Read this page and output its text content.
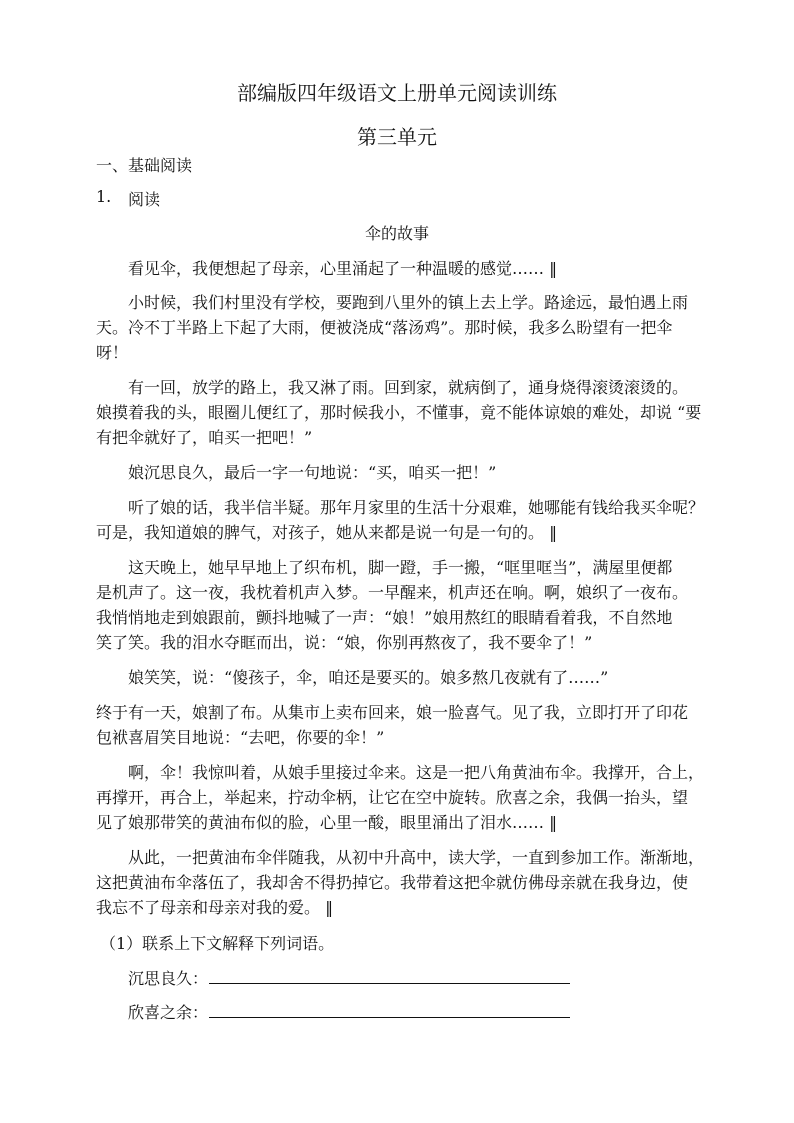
部编版四年级语文上册单元阅读训练
第三单元
一、基础阅读
1. 阅读
伞的故事
看见伞，我便想起了母亲，心里涌起了一种温暖的感觉…… ‖
小时候，我们村里没有学校，要跑到八里外的镇上去上学。路途远，最怕遇上雨
天。冷不丁半路上下起了大雨，便被浇成“落汤鸡”。那时候，我多么盼望有一把伞
呀！
有一回，放学的路上，我又淋了雨。回到家，就病倒了，通身烧得滚烫滚烫的。
娘摸着我的头，眼圈儿便红了，那时候我小，不懂事，竟不能体谅娘的难处，却说 “要
有把伞就好了，咱买一把吧！”
娘沉思良久，最后一字一句地说：“买，咱买一把！”
听了娘的话，我半信半疑。那年月家里的生活十分艰难，她哪能有钱给我买伞呢？
可是，我知道娘的脾气，对孩子，她从来都是说一句是一句的。 ‖
这天晚上，她早早地上了织布机，脚一蹬，手一搬，“哐里哐当”，满屋里便都
是机声了。这一夜，我枕着机声入梦。一早醒来，机声还在响。啊，娘织了一夜布。
我悄悄地走到娘跟前，颤抖地喊了一声：“娘！”娘用熬红的眼睛看着我，不自然地
笑了笑。我的泪水夺眶而出，说：“娘，你别再熬夜了，我不要伞了！”
娘笑笑，说：“傻孩子，伞，咱还是要买的。娘多熬几夜就有了……”
终于有一天，娘割了布。从集市上卖布回来，娘一脸喜气。见了我，立即打开了印花
包袱喜眉笑目地说：“去吧，你要的伞！”
啊，伞！我惊叫着，从娘手里接过伞来。这是一把八角黄油布伞。我撑开，合上，
再撑开，再合上，举起来，拧动伞柄，让它在空中旋转。欣喜之余，我偶一抬头，望
见了娘那带笑的黄油布似的脸，心里一酸，眼里涌出了泪水…… ‖
从此，一把黄油布伞伴随我，从初中升高中，读大学，一直到参加工作。渐渐地，
这把黄油布伞落伍了，我却舍不得扔掉它。我带着这把伞就仿佛母亲就在我身边，使
我忘不了母亲和母亲对我的爱。 ‖
（1）联系上下文解释下列词语。
沉思良久：
欣喜之余：
